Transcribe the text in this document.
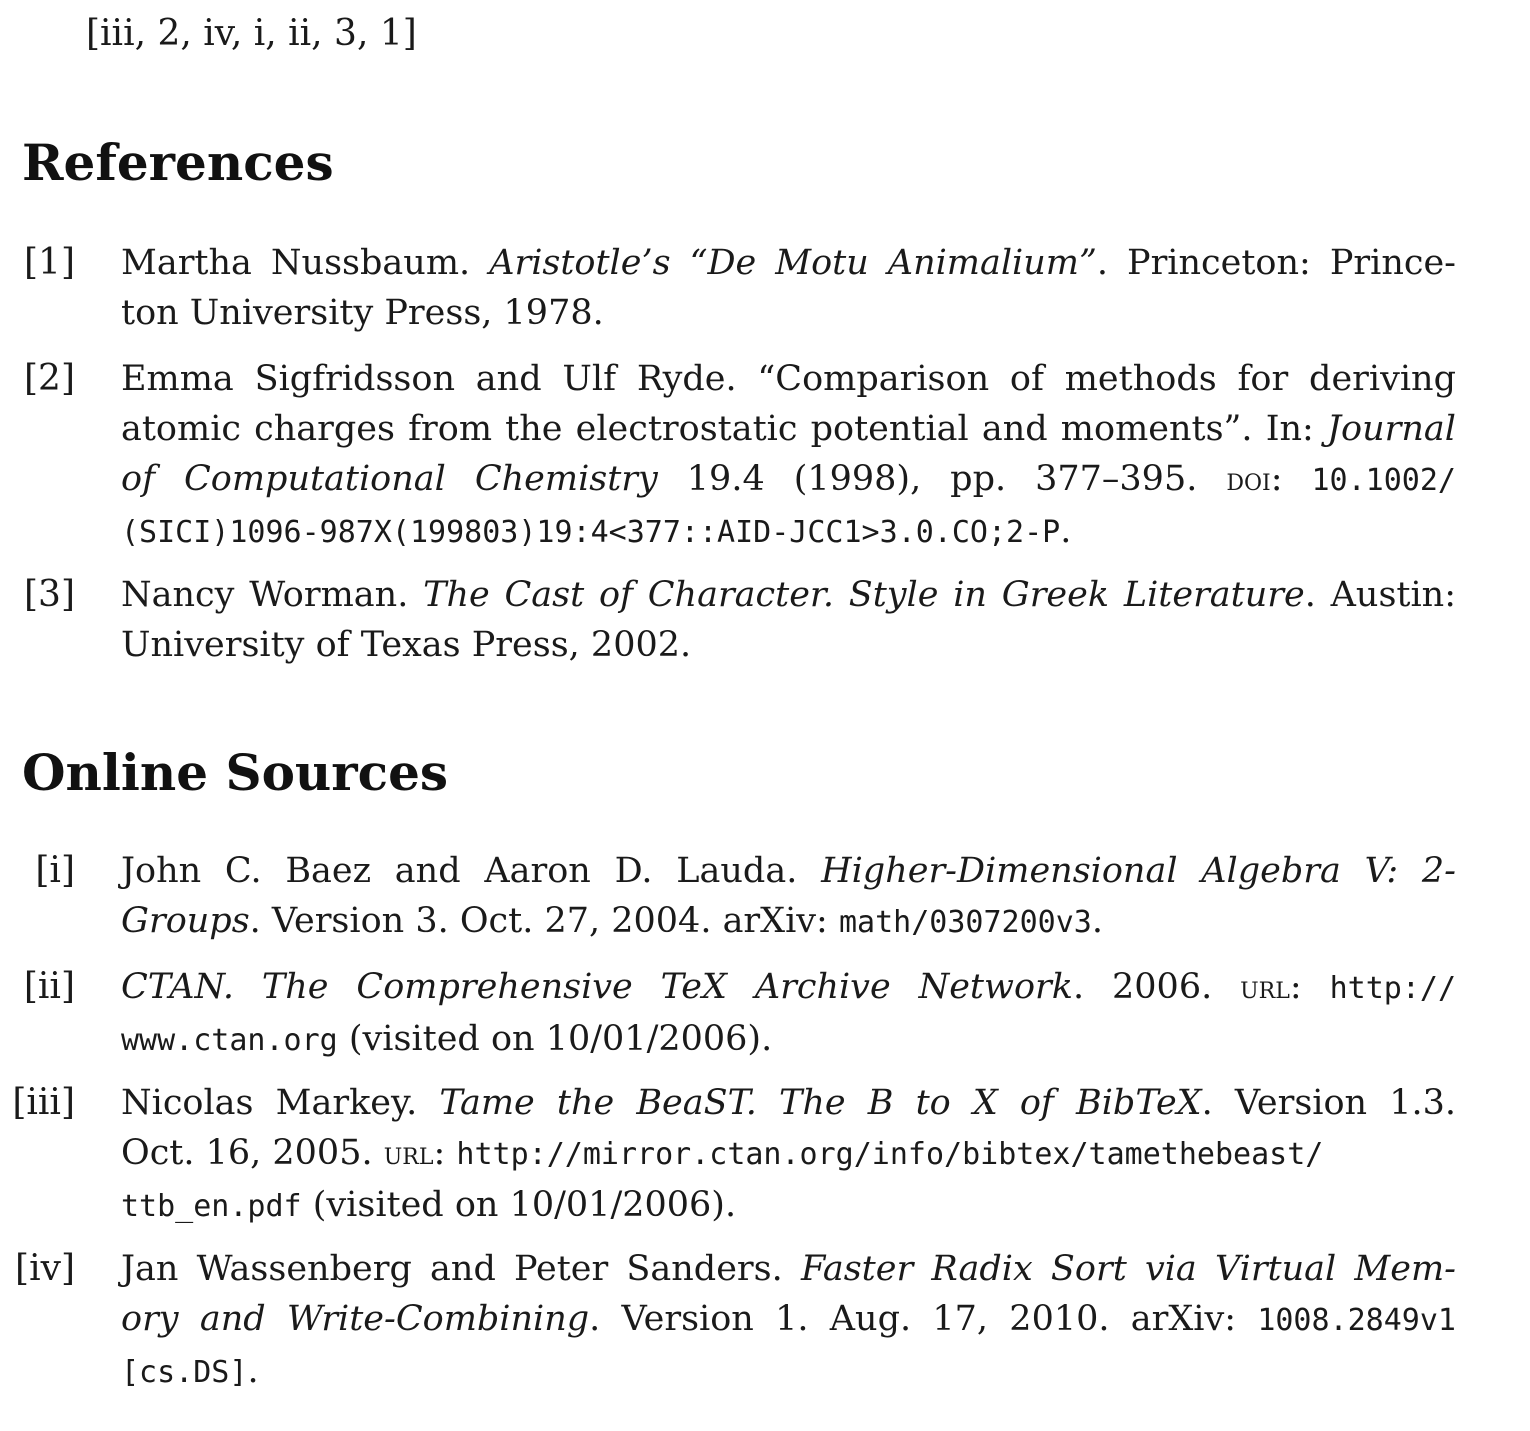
[iii, 2, iv, i, ii, 3, 1]
References
[1] Martha Nussbaum. Aristotle’s “De Motu Animalium”. Princeton: Prince-
ton University Press, 1978.
[2] Emma Sigfridsson and Ulf Ryde. “Comparison of methods for deriving
atomic charges from the electrostatic potential and moments”. In: Journal
of Computational Chemistry 19.4 (1998), pp. 377–395. doi: 10.1002/
(SICI)1096-987X(199803)19:4<377::AID-JCC1>3.0.CO;2-P.
[3] Nancy Worman. The Cast of Character. Style in Greek Literature. Austin:
University of Texas Press, 2002.
Online Sources
[i] John C. Baez and Aaron D. Lauda. Higher-Dimensional Algebra V: 2-
Groups. Version 3. Oct. 27, 2004. arXiv: math/0307200v3.
[ii] CTAN. The Comprehensive TeX Archive Network. 2006. url: http://
www.ctan.org (visited on 10/01/2006).
[iii] Nicolas Markey. Tame the BeaST. The B to X of BibTeX. Version 1.3.
Oct. 16, 2005. url: http://mirror.ctan.org/info/bibtex/tamethebeast/
ttb_en.pdf (visited on 10/01/2006).
[iv] Jan Wassenberg and Peter Sanders. Faster Radix Sort via Virtual Mem-
ory and Write-Combining. Version 1. Aug. 17, 2010. arXiv: 1008.2849v1
[cs.DS].
